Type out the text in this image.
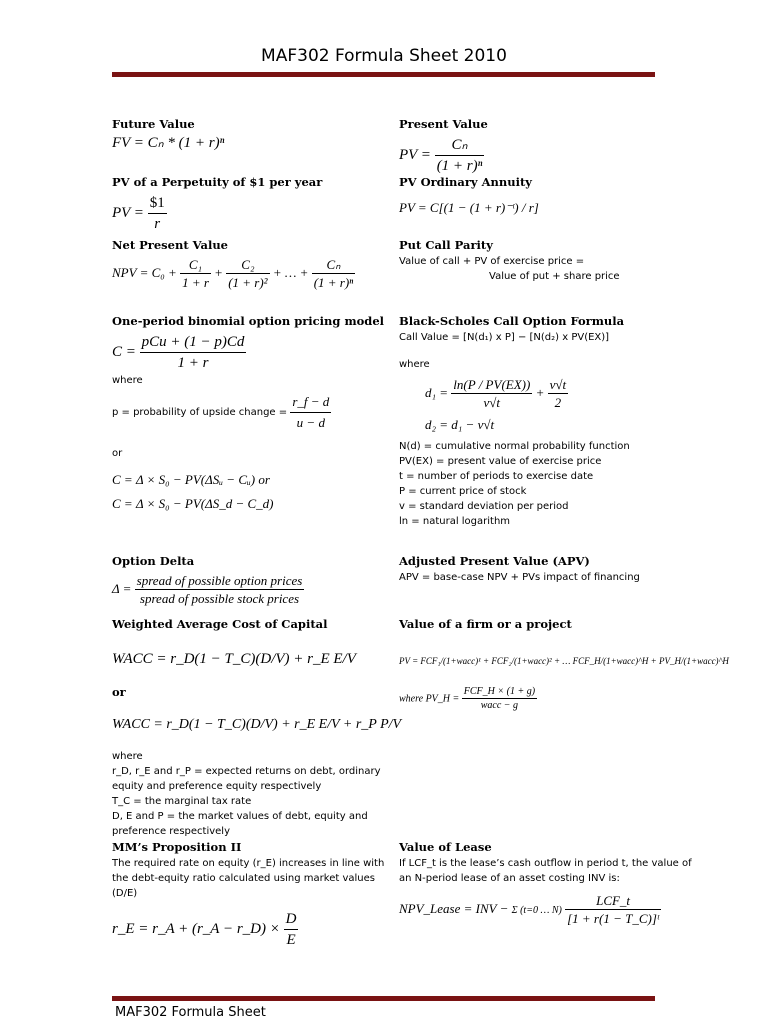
MAF302 Formula Sheet 2010
Future Value
FV = Cₙ * (1 + r)ⁿ
PV of a Perpetuity of $1 per year
PV = $\frac{\$1}{r}$
Net Present Value
NPV = $C_0 + \frac{\text{C₁}}{1 + r} + \frac{\text{C₂}}{\text{(1 + r)²}}$ + … + $\frac{\text{Cₙ}}{\text{(1 + r)ⁿ}}$
One-period binomial option pricing model
$C = \frac{\text{pCu + (1 − p)Cd}}{1 + r}$
where
p = probability of upside change = $\frac{r\_f - d}{u - d}$
or
C = Δ × S₀ − PV(ΔSᵤ − Cᵤ) or
C = Δ × S₀ − PV(ΔS_d − C_d)
Option Delta
$\Delta = \frac{\text{spread of possible option prices}}{\text{spread of possible stock prices}}$
Weighted Average Cost of Capital
WACC = r_D(1 − T_C)(D/V) + r_E E/V
or
WACC = r_D(1 − T_C)(D/V) + r_E E/V + r_P P/V
where
r_D, r_E and r_P = expected returns on debt, ordinary equity and preference equity respectively
T_C = the marginal tax rate
D, E and P = the market values of debt, equity and preference respectively
MM’s Proposition II
The required rate on equity (r_E) increases in line with the debt-equity ratio calculated using market values (D/E)
r_E = r_A + (r_A − r_D) × $\frac{D}{E}$
Present Value
PV = $\frac{\text{Cₙ}}{\text{(1 + r)ⁿ}}$
PV Ordinary Annuity
PV = C[(1 − (1 + r)⁻ᵗ) / r]
Put Call Parity
Value of call + PV of exercise price =
Value of put + share price
Black-Scholes Call Option Formula
Call Value = [N(d₁) x P] − [N(d₂) x PV(EX)]
where
$d_1 = \frac{\ln(P / PV(EX))}{v√t} + \frac{v√t}{2}$
d₂ = d₁ − v√t
N(d) = cumulative normal probability function
PV(EX) = present value of exercise price
t = number of periods to exercise date
P = current price of stock
v = standard deviation per period
ln = natural logarithm
Adjusted Present Value (APV)
APV = base-case NPV + PVs impact of financing
Value of a firm or a project
PV = FCF₁/(1+wacc)¹ + FCF₂/(1+wacc)² + … FCF_H/(1+wacc)^H + PV_H/(1+wacc)^H
where PV_H = $\frac{\text{FCF\_H × (1 + g)}}{\text{wacc − g}}$
Value of Lease
If LCF_t is the lease’s cash outflow in period t, the value of an N-period lease of an asset costing INV is:
NPV_Lease = INV − Σ (t=0 … $N) \frac{\text{LCF\_t}}{\text{[1 + r(1 − T\_C)]ᵗ}}$
MAF302 Formula Sheet
